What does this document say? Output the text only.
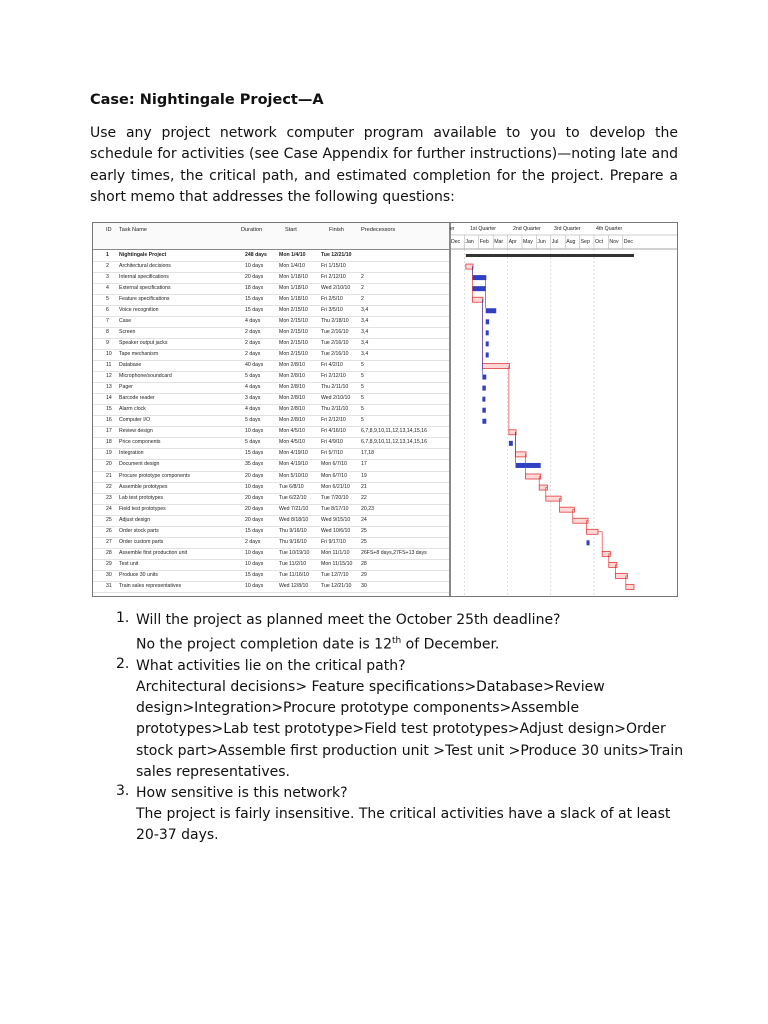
Case: Nightingale Project—A
Use any project network computer program available to you to develop the schedule for activities (see Case Appendix for further instructions)—noting late and early times, the critical path, and estimated completion for the project. Prepare a short memo that addresses the following questions:
ID Task Name	Duration	Start	Finish	Predecessors
1 Nightingale Project	248 days Mon 1/4/10	Tue 12/21/10
2 Architectural decisions	10 days	Mon 1/4/10	Fri 1/15/10
3 Internal specifications	20 days	Mon 1/18/10	Fri 2/12/10	2
4 External specifications	18 days	Mon 1/18/10	Wed 2/10/10 2
5 Feature specifications	15 days	Mon 1/18/10	Fri 2/5/10	2
6 Voice recognition	15 days	Mon 2/15/10	Fri 3/5/10	3,4
7 Case	4 days	Mon 2/15/10	Thu 2/18/10 3,4
8 Screen	2 days	Mon 2/15/10	Tue 2/16/10 3,4
9 Speaker output jacks	2 days	Mon 2/15/10	Tue 2/16/10 3,4
10 Tape mechanism	2 days	Mon 2/15/10	Tue 2/16/10 3,4
11 Database	40 days	Mon 2/8/10	Fri 4/2/10	5
12 Microphone/soundcard	5 days	Mon 2/8/10	Fri 2/12/10	5
13 Pager	4 days	Mon 2/8/10	Thu 2/11/10 5
14 Barcode reader	3 days	Mon 2/8/10	Wed 2/10/10 5
15 Alarm clock	4 days	Mon 2/8/10	Thu 2/11/10 5
16 Computer I/O	5 days	Mon 2/8/10	Fri 2/12/10	5
17 Review design	10 days	Mon 4/5/10	Fri 4/16/10	6,7,8,9,10,11,12,13,14,15,16
18 Price components	5 days	Mon 4/5/10	Fri 4/9/10	6,7,8,9,10,11,12,13,14,15,16
19 Integration	15 days	Mon 4/19/10	Fri 5/7/10	17,18
20 Document design	35 days	Mon 4/19/10	Mon 6/7/10	17
21 Procure prototype components	20 days	Mon 5/10/10	Mon 6/7/10	19
22 Assemble prototypes	10 days	Tue 6/8/10	Mon 6/21/10 21
23 Lab test prototypes	20 days	Tue 6/22/10	Tue 7/20/10 22
24 Field test prototypes	20 days	Wed 7/21/10 Tue 8/17/10 20,23
25 Adjust design	20 days	Wed 8/18/10 Wed 9/15/10 24
26 Order stock parts	15 days	Thu 9/16/10	Wed 10/6/10 25
27 Order custom parts	2 days	Thu 9/16/10	Fri 9/17/10	25
28 Assemble first production unit	10 days	Tue 10/19/10 Mon 11/1/10 26FS+8 days,27FS+13 days
29 Test unit	10 days	Tue 11/2/10	Mon 11/15/10 28
30 Produce 30 units	15 days	Tue 11/16/10 Tue 12/7/10 29
31 Train sales representatives	10 days	Wed 12/8/10 Tue 12/21/10 30
er	1st Quarter	2nd Quarter	3rd Quarter	4th Quarter
Dec Jan Feb Mar Apr May Jun Jul Aug Sep Oct Nov Dec
1. Will the project as planned meet the October 25th deadline?
No the project completion date is 12th of December.
2. What activities lie on the critical path?
Architectural decisions> Feature specifications>Database>Review design>Integration>Procure prototype components>Assemble prototypes>Lab test prototype>Field test prototypes>Adjust design>Order stock part>Assemble first production unit >Test unit >Produce 30 units>Train sales representatives.
3. How sensitive is this network?
The project is fairly insensitive. The critical activities have a slack of at least 20-37 days.
